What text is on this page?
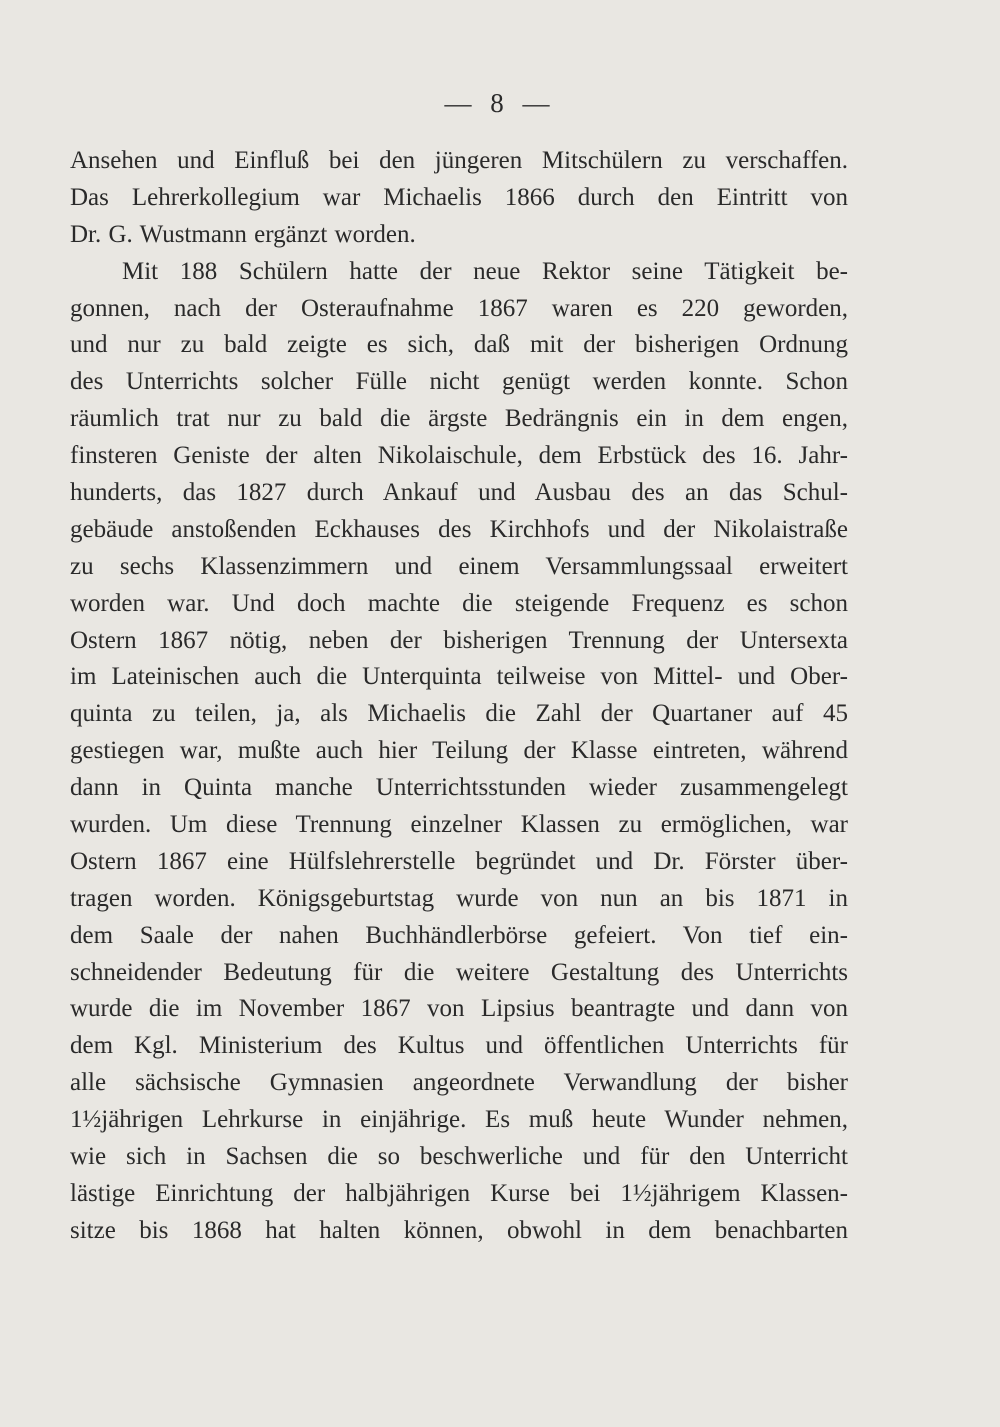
— 8 —
Ansehen und Einfluß bei den jüngeren Mitschülern zu verschaffen.
Das Lehrerkollegium war Michaelis 1866 durch den Eintritt von
Dr. G. Wustmann ergänzt worden.
Mit 188 Schülern hatte der neue Rektor seine Tätigkeit be-
gonnen, nach der Osteraufnahme 1867 waren es 220 geworden,
und nur zu bald zeigte es sich, daß mit der bisherigen Ordnung
des Unterrichts solcher Fülle nicht genügt werden konnte. Schon
räumlich trat nur zu bald die ärgste Bedrängnis ein in dem engen,
finsteren Geniste der alten Nikolaischule, dem Erbstück des 16. Jahr-
hunderts, das 1827 durch Ankauf und Ausbau des an das Schul-
gebäude anstoßenden Eckhauses des Kirchhofs und der Nikolaistraße
zu sechs Klassenzimmern und einem Versammlungssaal erweitert
worden war. Und doch machte die steigende Frequenz es schon
Ostern 1867 nötig, neben der bisherigen Trennung der Untersexta
im Lateinischen auch die Unterquinta teilweise von Mittel- und Ober-
quinta zu teilen, ja, als Michaelis die Zahl der Quartaner auf 45
gestiegen war, mußte auch hier Teilung der Klasse eintreten, während
dann in Quinta manche Unterrichtsstunden wieder zusammengelegt
wurden. Um diese Trennung einzelner Klassen zu ermöglichen, war
Ostern 1867 eine Hülfslehrerstelle begründet und Dr. Förster über-
tragen worden. Königsgeburtstag wurde von nun an bis 1871 in
dem Saale der nahen Buchhändlerbörse gefeiert. Von tief ein-
schneidender Bedeutung für die weitere Gestaltung des Unterrichts
wurde die im November 1867 von Lipsius beantragte und dann von
dem Kgl. Ministerium des Kultus und öffentlichen Unterrichts für
alle sächsische Gymnasien angeordnete Verwandlung der bisher
1½jährigen Lehrkurse in einjährige. Es muß heute Wunder nehmen,
wie sich in Sachsen die so beschwerliche und für den Unterricht
lästige Einrichtung der halbjährigen Kurse bei 1½jährigem Klassen-
sitze bis 1868 hat halten können, obwohl in dem benachbarten
